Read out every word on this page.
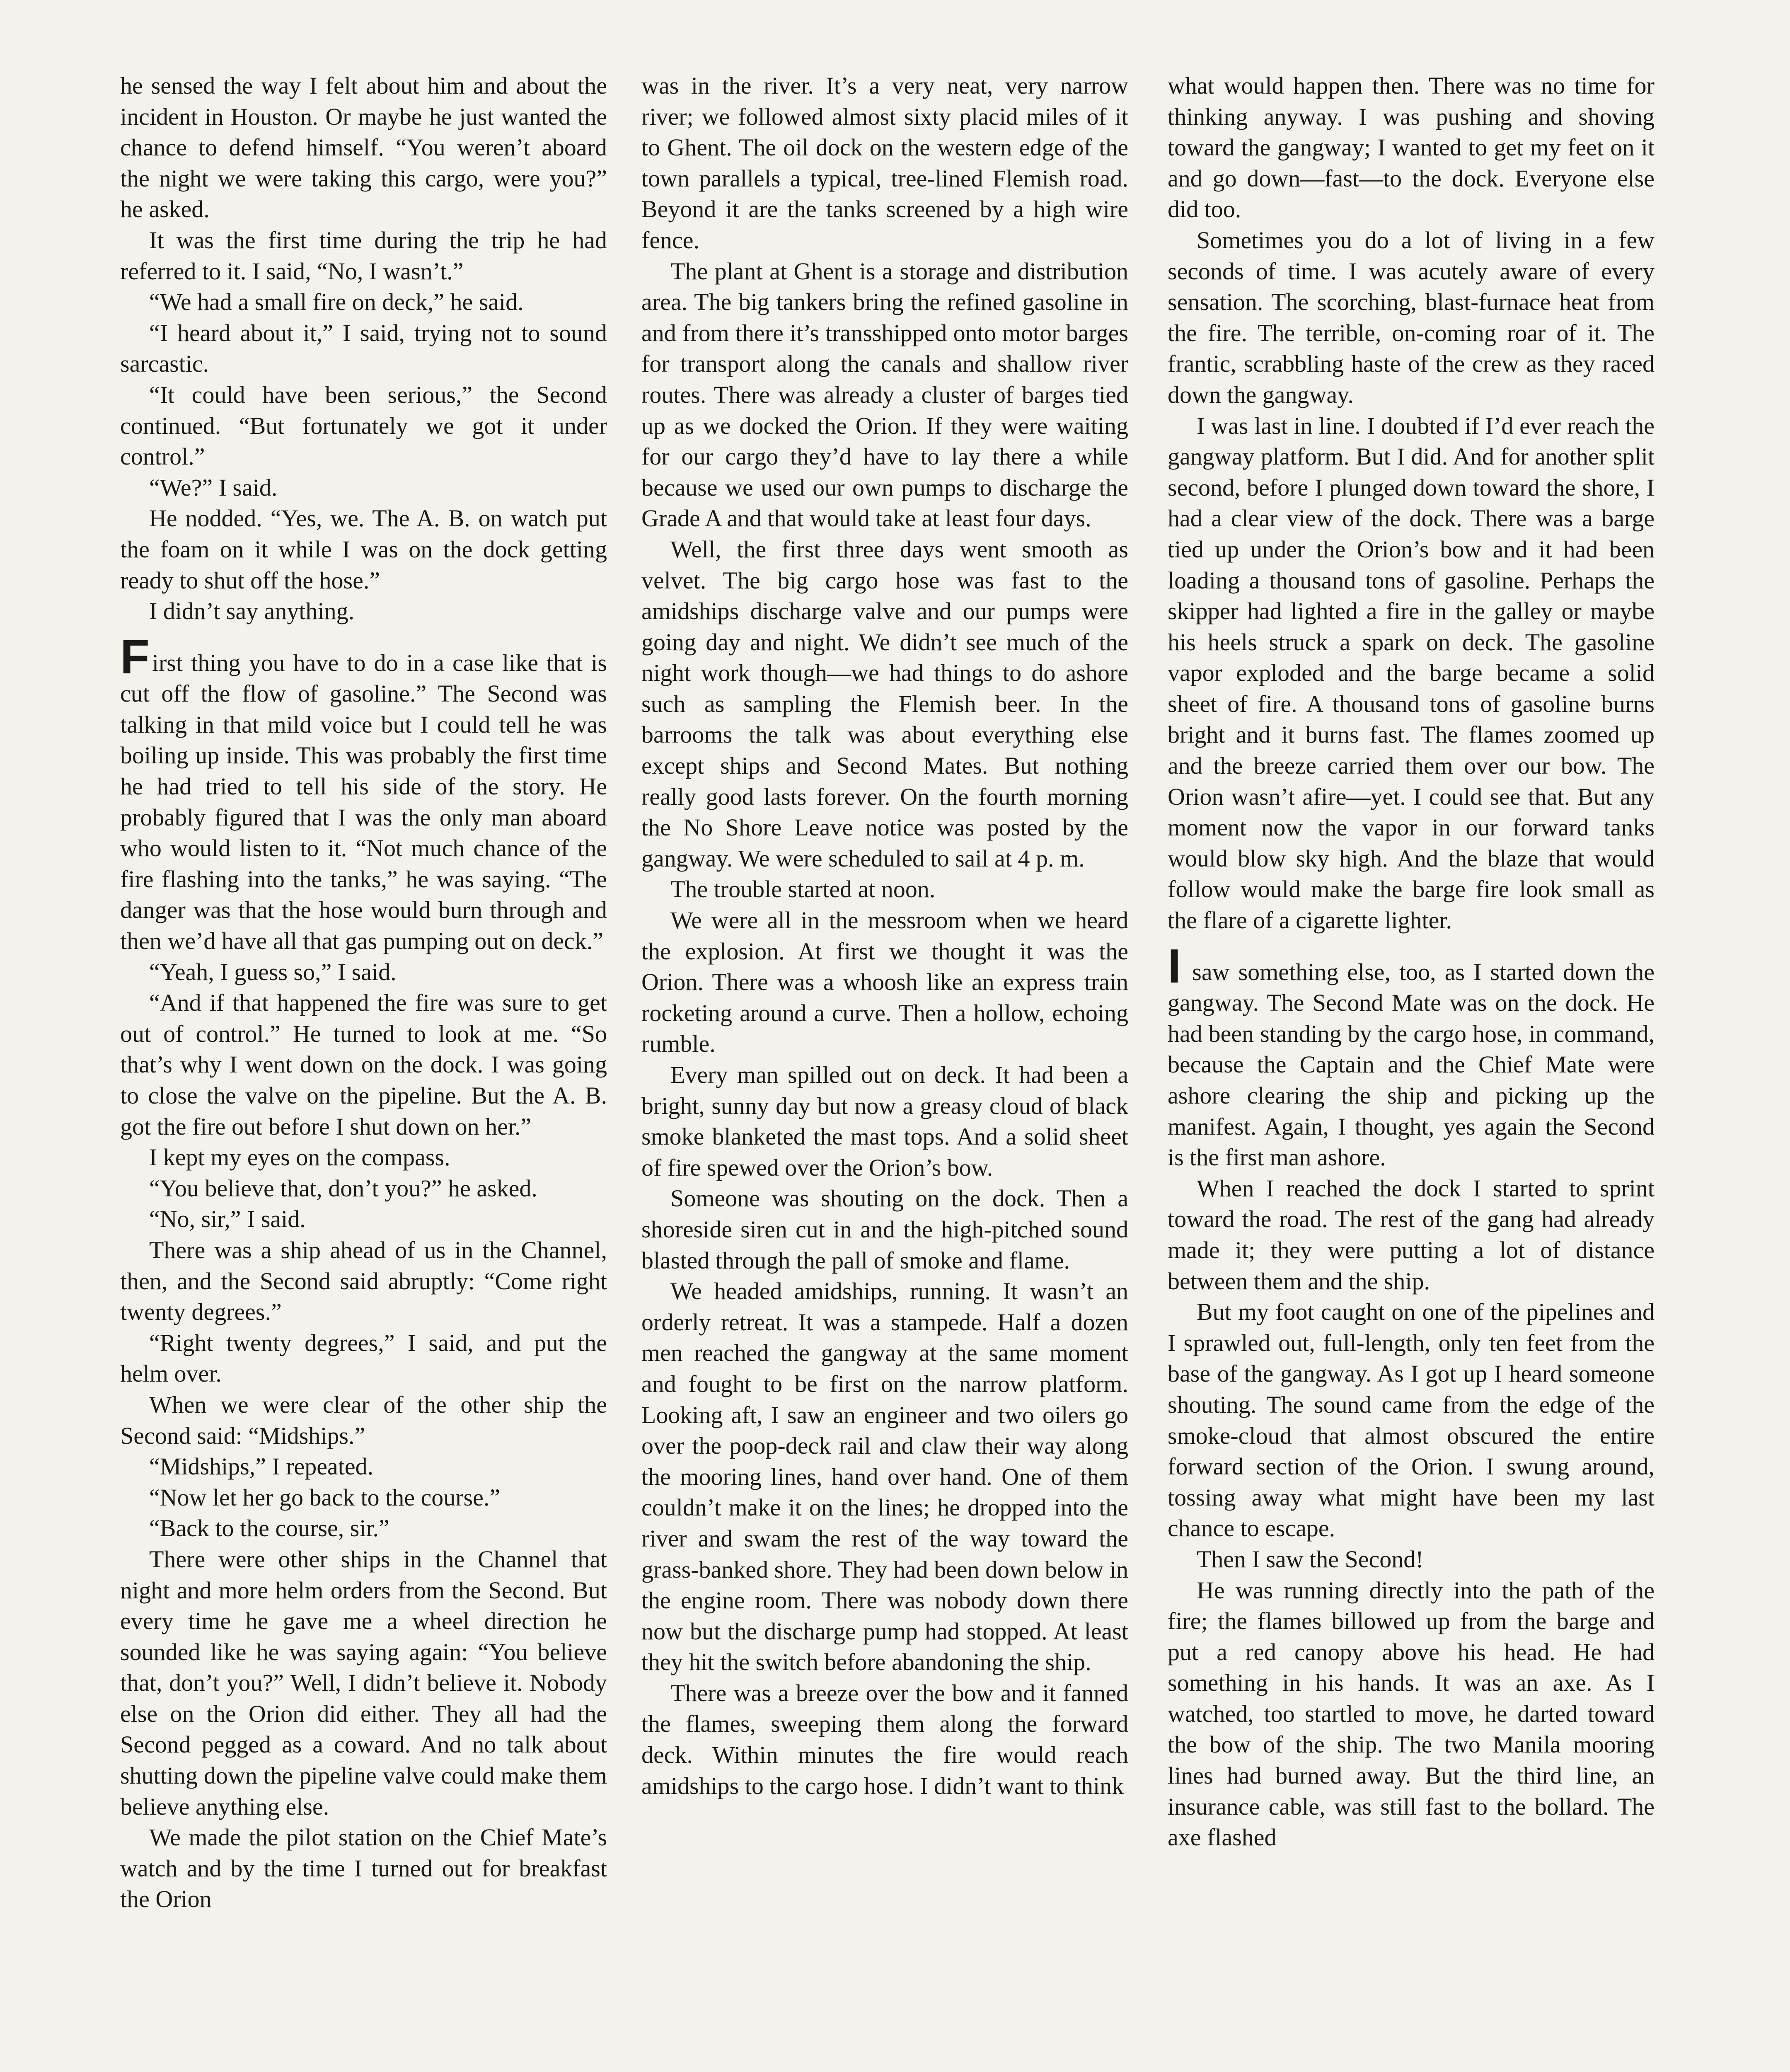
he sensed the way I felt about him and about the incident in Houston. Or maybe he just wanted the chance to defend himself. “You weren’t aboard the night we were taking this cargo, were you?” he asked.

It was the first time during the trip he had referred to it. I said, “No, I wasn’t.”

“We had a small fire on deck,” he said.

“I heard about it,” I said, trying not to sound sarcastic.

“It could have been serious,” the Second continued. “But fortunately we got it under control.”

“We?” I said.

He nodded. “Yes, we. The A. B. on watch put the foam on it while I was on the dock getting ready to shut off the hose.”

I didn’t say anything.

First thing you have to do in a case like that is cut off the flow of gasoline.” The Second was talking in that mild voice but I could tell he was boiling up inside. This was probably the first time he had tried to tell his side of the story. He probably figured that I was the only man aboard who would listen to it. “Not much chance of the fire flashing into the tanks,” he was saying. “The danger was that the hose would burn through and then we’d have all that gas pumping out on deck.”

“Yeah, I guess so,” I said.

“And if that happened the fire was sure to get out of control.” He turned to look at me. “So that’s why I went down on the dock. I was going to close the valve on the pipeline. But the A. B. got the fire out before I shut down on her.”

I kept my eyes on the compass.

“You believe that, don’t you?” he asked.

“No, sir,” I said.

There was a ship ahead of us in the Channel, then, and the Second said abruptly: “Come right twenty degrees.”

“Right twenty degrees,” I said, and put the helm over.

When we were clear of the other ship the Second said: “Midships.”

“Midships,” I repeated.

“Now let her go back to the course.”

“Back to the course, sir.”

There were other ships in the Channel that night and more helm orders from the Second. But every time he gave me a wheel direction he sounded like he was saying again: “You believe that, don’t you?” Well, I didn’t believe it. Nobody else on the Orion did either. They all had the Second pegged as a coward. And no talk about shutting down the pipeline valve could make them believe anything else.

We made the pilot station on the Chief Mate’s watch and by the time I turned out for breakfast the Orion

was in the river. It’s a very neat, very narrow river; we followed almost sixty placid miles of it to Ghent. The oil dock on the western edge of the town parallels a typical, tree-lined Flemish road. Beyond it are the tanks screened by a high wire fence.

The plant at Ghent is a storage and distribution area. The big tankers bring the refined gasoline in and from there it’s transshipped onto motor barges for transport along the canals and shallow river routes. There was already a cluster of barges tied up as we docked the Orion. If they were waiting for our cargo they’d have to lay there a while because we used our own pumps to discharge the Grade A and that would take at least four days.

Well, the first three days went smooth as velvet. The big cargo hose was fast to the amidships discharge valve and our pumps were going day and night. We didn’t see much of the night work though—we had things to do ashore such as sampling the Flemish beer. In the barrooms the talk was about everything else except ships and Second Mates. But nothing really good lasts forever. On the fourth morning the No Shore Leave notice was posted by the gangway. We were scheduled to sail at 4 p. m.

The trouble started at noon.

We were all in the messroom when we heard the explosion. At first we thought it was the Orion. There was a whoosh like an express train rocketing around a curve. Then a hollow, echoing rumble.

Every man spilled out on deck. It had been a bright, sunny day but now a greasy cloud of black smoke blanketed the mast tops. And a solid sheet of fire spewed over the Orion’s bow.

Someone was shouting on the dock. Then a shoreside siren cut in and the high-pitched sound blasted through the pall of smoke and flame.

We headed amidships, running. It wasn’t an orderly retreat. It was a stampede. Half a dozen men reached the gangway at the same moment and fought to be first on the narrow platform. Looking aft, I saw an engineer and two oilers go over the poop-deck rail and claw their way along the mooring lines, hand over hand. One of them couldn’t make it on the lines; he dropped into the river and swam the rest of the way toward the grass-banked shore. They had been down below in the engine room. There was nobody down there now but the discharge pump had stopped. At least they hit the switch before abandoning the ship.

There was a breeze over the bow and it fanned the flames, sweeping them along the forward deck. Within minutes the fire would reach amidships to the cargo hose. I didn’t want to think

what would happen then. There was no time for thinking anyway. I was pushing and shoving toward the gangway; I wanted to get my feet on it and go down—fast—to the dock. Everyone else did too.

Sometimes you do a lot of living in a few seconds of time. I was acutely aware of every sensation. The scorching, blast-furnace heat from the fire. The terrible, on-coming roar of it. The frantic, scrabbling haste of the crew as they raced down the gangway.

I was last in line. I doubted if I’d ever reach the gangway platform. But I did. And for another split second, before I plunged down toward the shore, I had a clear view of the dock. There was a barge tied up under the Orion’s bow and it had been loading a thousand tons of gasoline. Perhaps the skipper had lighted a fire in the galley or maybe his heels struck a spark on deck. The gasoline vapor exploded and the barge became a solid sheet of fire. A thousand tons of gasoline burns bright and it burns fast. The flames zoomed up and the breeze carried them over our bow. The Orion wasn’t afire—yet. I could see that. But any moment now the vapor in our forward tanks would blow sky high. And the blaze that would follow would make the barge fire look small as the flare of a cigarette lighter.

I saw something else, too, as I started down the gangway. The Second Mate was on the dock. He had been standing by the cargo hose, in command, because the Captain and the Chief Mate were ashore clearing the ship and picking up the manifest. Again, I thought, yes again the Second is the first man ashore.

When I reached the dock I started to sprint toward the road. The rest of the gang had already made it; they were putting a lot of distance between them and the ship.

But my foot caught on one of the pipelines and I sprawled out, full-length, only ten feet from the base of the gangway. As I got up I heard someone shouting. The sound came from the edge of the smoke-cloud that almost obscured the entire forward section of the Orion. I swung around, tossing away what might have been my last chance to escape.

Then I saw the Second!

He was running directly into the path of the fire; the flames billowed up from the barge and put a red canopy above his head. He had something in his hands. It was an axe. As I watched, too startled to move, he darted toward the bow of the ship. The two Manila mooring lines had burned away. But the third line, an insurance cable, was still fast to the bollard. The axe flashed
